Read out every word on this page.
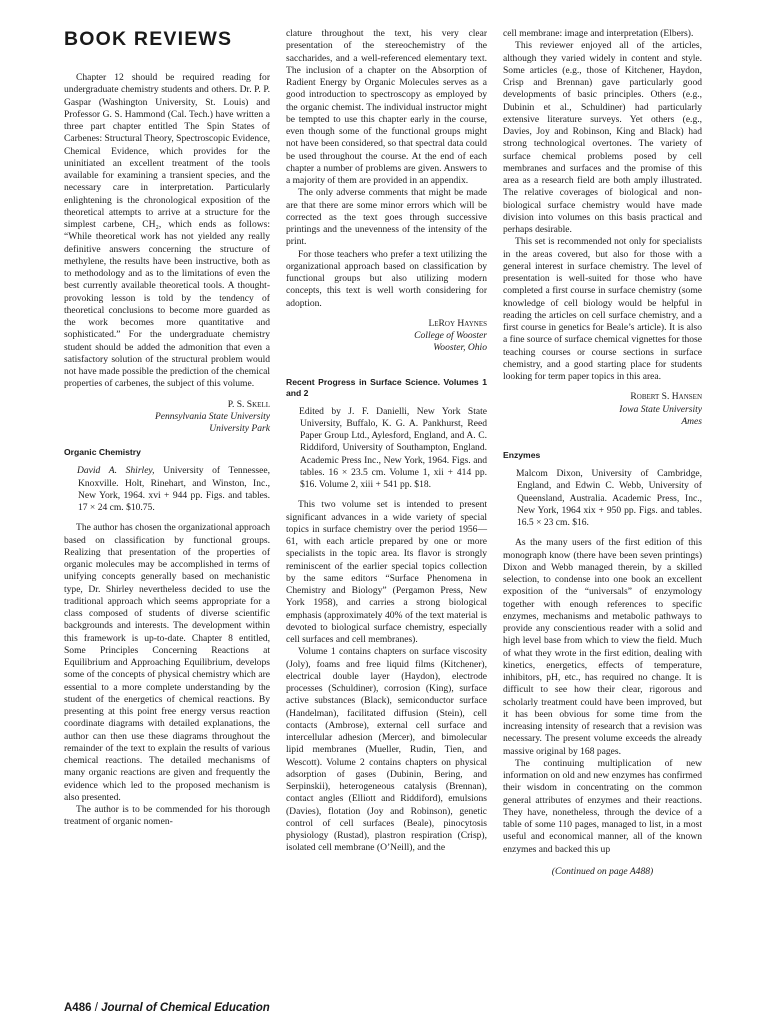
BOOK REVIEWS

Chapter 12 should be required reading for undergraduate chemistry students and others. Dr. P. P. Gaspar (Washington University, St. Louis) and Professor G. S. Hammond (Cal. Tech.) have written a three part chapter entitled The Spin States of Carbenes: Structural Theory, Spectroscopic Evidence, Chemical Evidence, which provides for the uninitiated an excellent treatment of the tools available for examining a transient species, and the necessary care in interpretation. Particularly enlightening is the chronological exposition of the theoretical attempts to arrive at a structure for the simplest carbene, CH₂, which ends as follows: “While theoretical work has not yielded any really definitive answers concerning the structure of methylene, the results have been instructive, both as to methodology and as to the limitations of even the best currently available theoretical tools. A thought-provoking lesson is told by the tendency of theoretical conclusions to become more guarded as the work becomes more quantitative and sophisticated.” For the undergraduate chemistry student should be added the admonition that even a satisfactory solution of the structural problem would not have made possible the prediction of the chemical properties of carbenes, the subject of this volume.

P. S. Skell

Pennsylvania State University

University Park

Organic Chemistry

David A. Shirley, University of Tennessee, Knoxville. Holt, Rinehart, and Winston, Inc., New York, 1964. xvi + 944 pp. Figs. and tables. 17 × 24 cm. $10.75.

The author has chosen the organizational approach based on classification by functional groups. Realizing that presentation of the properties of organic molecules may be accomplished in terms of unifying concepts generally based on mechanistic type, Dr. Shirley nevertheless decided to use the traditional approach which seems appropriate for a class composed of students of diverse scientific backgrounds and interests. The development within this framework is up-to-date. Chapter 8 entitled, Some Principles Concerning Reactions at Equilibrium and Approaching Equilibrium, develops some of the concepts of physical chemistry which are essential to a more complete understanding by the student of the energetics of chemical reactions. By presenting at this point free energy versus reaction coordinate diagrams with detailed explanations, the author can then use these diagrams throughout the remainder of the text to explain the results of various chemical reactions. The detailed mechanisms of many organic reactions are given and frequently the evidence which led to the proposed mechanism is also presented.

The author is to be commended for his thorough treatment of organic nomen-

clature throughout the text, his very clear presentation of the stereochemistry of the saccharides, and a well-referenced elementary text. The inclusion of a chapter on the Absorption of Radient Energy by Organic Molecules serves as a good introduction to spectroscopy as employed by the organic chemist. The individual instructor might be tempted to use this chapter early in the course, even though some of the functional groups might not have been considered, so that spectral data could be used throughout the course. At the end of each chapter a number of problems are given. Answers to a majority of them are provided in an appendix.

The only adverse comments that might be made are that there are some minor errors which will be corrected as the text goes through successive printings and the unevenness of the intensity of the print.

For those teachers who prefer a text utilizing the organizational approach based on classification by functional groups but also utilizing modern concepts, this text is well worth considering for adoption.

LeRoy Haynes

College of Wooster

Wooster, Ohio

Recent Progress in Surface Science. Volumes 1 and 2

Edited by J. F. Danielli, New York State University, Buffalo, K. G. A. Pankhurst, Reed Paper Group Ltd., Aylesford, England, and A. C. Riddiford, University of Southampton, England. Academic Press Inc., New York, 1964. Figs. and tables. 16 × 23.5 cm. Volume 1, xii + 414 pp. $16. Volume 2, xiii + 541 pp. $18.

This two volume set is intended to present significant advances in a wide variety of special topics in surface chemistry over the period 1956—61, with each article prepared by one or more specialists in the topic area. Its flavor is strongly reminiscent of the earlier special topics collection by the same editors “Surface Phenomena in Chemistry and Biology” (Pergamon Press, New York 1958), and carries a strong biological emphasis (approximately 40% of the text material is devoted to biological surface chemistry, especially cell surfaces and cell membranes).

Volume 1 contains chapters on surface viscosity (Joly), foams and free liquid films (Kitchener), electrical double layer (Haydon), electrode processes (Schuldiner), corrosion (King), surface active substances (Black), semiconductor surface (Handelman), facilitated diffusion (Stein), cell contacts (Ambrose), external cell surface and intercellular adhesion (Mercer), and bimolecular lipid membranes (Mueller, Rudin, Tien, and Wescott). Volume 2 contains chapters on physical adsorption of gases (Dubinin, Bering, and Serpinskii), heterogeneous catalysis (Brennan), contact angles (Elliott and Riddiford), emulsions (Davies), flotation (Joy and Robinson), genetic control of cell surfaces (Beale), pinocytosis physiology (Rustad), plastron respiration (Crisp), isolated cell membrane (O’Neill), and the

cell membrane: image and interpretation (Elbers).

This reviewer enjoyed all of the articles, although they varied widely in content and style. Some articles (e.g., those of Kitchener, Haydon, Crisp and Brennan) gave particularly good developments of basic principles. Others (e.g., Dubinin et al., Schuldiner) had particularly extensive literature surveys. Yet others (e.g., Davies, Joy and Robinson, King and Black) had strong technological overtones. The variety of surface chemical problems posed by cell membranes and surfaces and the promise of this area as a research field are both amply illustrated. The relative coverages of biological and non-biological surface chemistry would have made division into volumes on this basis practical and perhaps desirable.

This set is recommended not only for specialists in the areas covered, but also for those with a general interest in surface chemistry. The level of presentation is well-suited for those who have completed a first course in surface chemistry (some knowledge of cell biology would be helpful in reading the articles on cell surface chemistry, and a first course in genetics for Beale’s article). It is also a fine source of surface chemical vignettes for those teaching courses or course sections in surface chemistry, and a good starting place for students looking for term paper topics in this area.

Robert S. Hansen

Iowa State University

Ames

Enzymes

Malcom Dixon, University of Cambridge, England, and Edwin C. Webb, University of Queensland, Australia. Academic Press, Inc., New York, 1964 xix + 950 pp. Figs. and tables. 16.5 × 23 cm. $16.

As the many users of the first edition of this monograph know (there have been seven printings) Dixon and Webb managed therein, by a skilled selection, to condense into one book an excellent exposition of the “universals” of enzymology together with enough references to specific enzymes, mechanisms and metabolic pathways to provide any conscientious reader with a solid and high level base from which to view the field. Much of what they wrote in the first edition, dealing with kinetics, energetics, effects of temperature, inhibitors, pH, etc., has required no change. It is difficult to see how their clear, rigorous and scholarly treatment could have been improved, but it has been obvious for some time from the increasing intensity of research that a revision was necessary. The present volume exceeds the already massive original by 168 pages.

The continuing multiplication of new information on old and new enzymes has confirmed their wisdom in concentrating on the common general attributes of enzymes and their reactions. They have, nonetheless, through the device of a table of some 110 pages, managed to list, in a most useful and economical manner, all of the known enzymes and backed this up

(Continued on page A488)

A486 / Journal of Chemical Education
